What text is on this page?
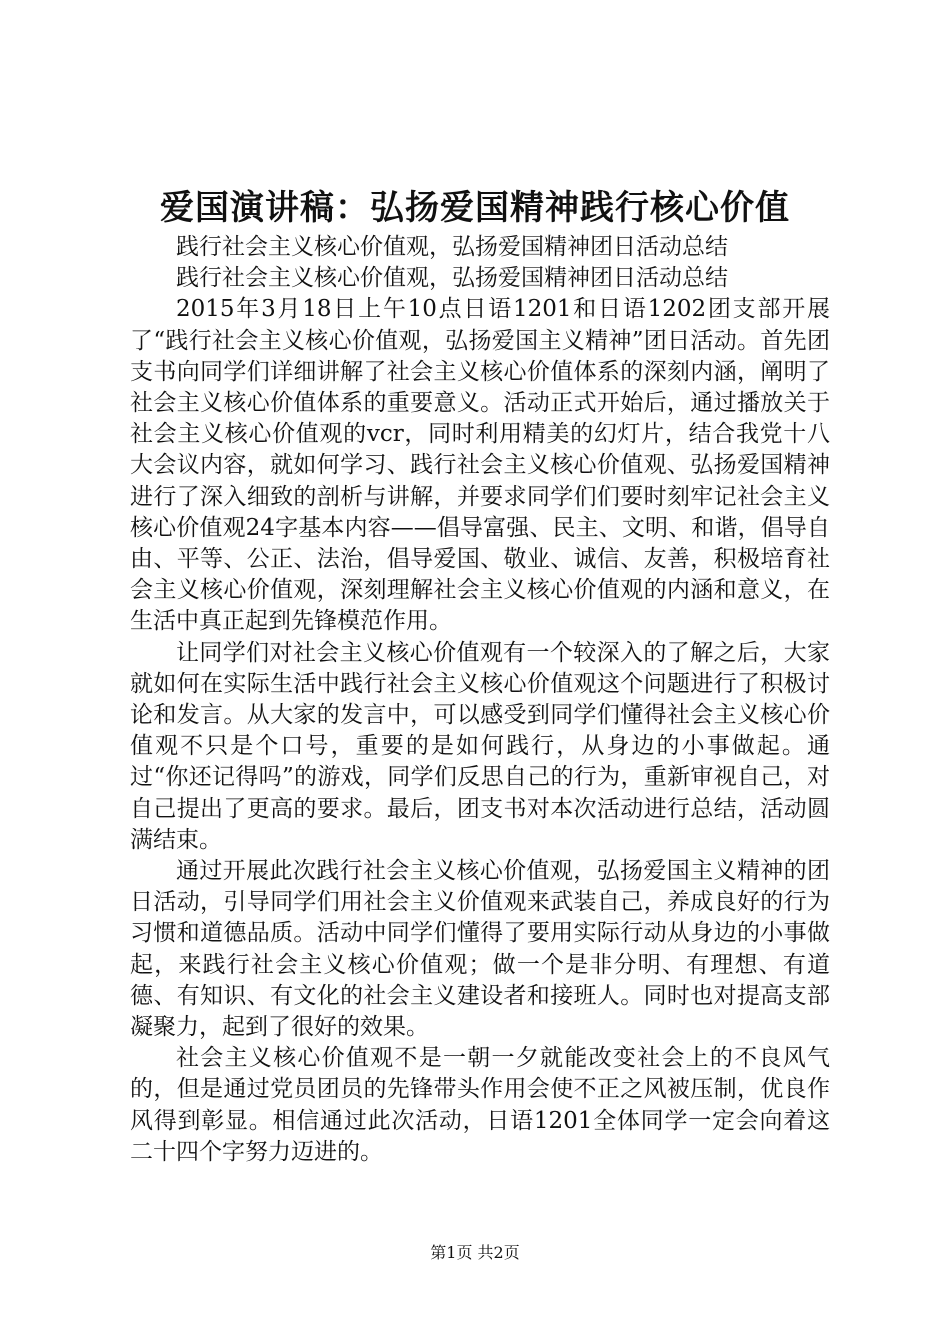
爱国演讲稿：弘扬爱国精神践行核心价值

践行社会主义核心价值观，弘扬爱国精神团日活动总结

践行社会主义核心价值观，弘扬爱国精神团日活动总结

2015年3月18日上午10点日语1201和日语1202团支部开展了“践行社会主义核心价值观，弘扬爱国主义精神”团日活动。首先团支书向同学们详细讲解了社会主义核心价值体系的深刻内涵，阐明了社会主义核心价值体系的重要意义。活动正式开始后，通过播放关于社会主义核心价值观的vcr，同时利用精美的幻灯片，结合我党十八大会议内容，就如何学习、践行社会主义核心价值观、弘扬爱国精神进行了深入细致的剖析与讲解，并要求同学们们要时刻牢记社会主义核心价值观24字基本内容——倡导富强、民主、文明、和谐，倡导自由、平等、公正、法治，倡导爱国、敬业、诚信、友善，积极培育社会主义核心价值观，深刻理解社会主义核心价值观的内涵和意义，在生活中真正起到先锋模范作用。

让同学们对社会主义核心价值观有一个较深入的了解之后，大家就如何在实际生活中践行社会主义核心价值观这个问题进行了积极讨论和发言。从大家的发言中，可以感受到同学们懂得社会主义核心价值观不只是个口号，重要的是如何践行，从身边的小事做起。通过“你还记得吗”的游戏，同学们反思自己的行为，重新审视自己，对自己提出了更高的要求。最后，团支书对本次活动进行总结，活动圆满结束。

通过开展此次践行社会主义核心价值观，弘扬爱国主义精神的团日活动，引导同学们用社会主义价值观来武装自己，养成良好的行为习惯和道德品质。活动中同学们懂得了要用实际行动从身边的小事做起，来践行社会主义核心价值观；做一个是非分明、有理想、有道德、有知识、有文化的社会主义建设者和接班人。同时也对提高支部凝聚力，起到了很好的效果。

社会主义核心价值观不是一朝一夕就能改变社会上的不良风气的，但是通过党员团员的先锋带头作用会使不正之风被压制，优良作风得到彰显。相信通过此次活动，日语1201全体同学一定会向着这二十四个字努力迈进的。

第1页 共2页
